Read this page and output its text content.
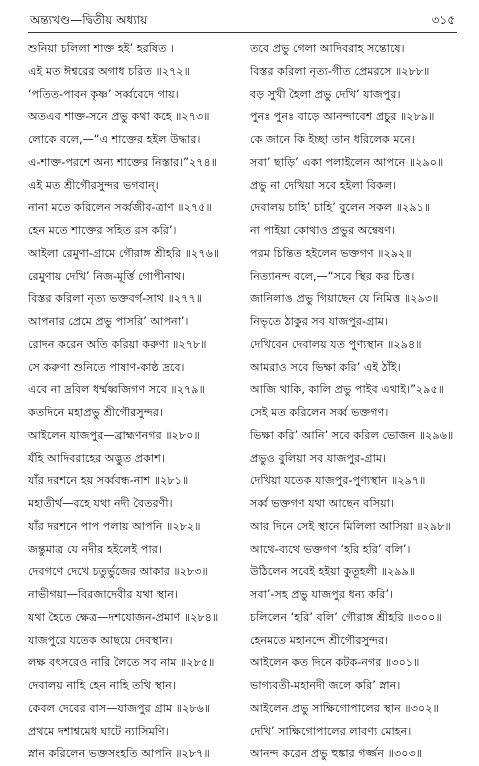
অন্ত্যখণ্ড—দ্বিতীয় অধ্যায়	৩১৫
শুনিয়া চলিলা শাক্ত হই’ হরষিত ।
এই মত ঈশ্বরের অগাধ চরিত ॥২৭২॥
‘পতিত-পাবন কৃষ্ণ’ সর্ব্ববেদে গায়।
অতএব শাক্ত-সনে প্রভু কথা কহে ॥২৭৩॥
লোকে বলে,—“এ শাক্তের হইল উদ্ধার।
এ-শাক্ত-পরশে অন্য শাক্তের নিস্তার।”২৭৪॥
এই মত শ্রীগৌরসুন্দর ভগবান্।
নানা মতে করিলেন সর্ব্বজীব-ত্রাণ ॥২৭৫॥
হেন মতে শাক্তের সহিত রস করি’।
আইলা রেমুণা-গ্রামে গৌরাঙ্গ শ্রীহরি ॥২৭৬॥
রেমুণায় দেখি’ নিজ-মূর্ত্তি গোপীনাথ।
বিস্তর করিলা নৃত্য ভক্তবর্গ-সাথ ॥২৭৭॥
আপনার প্রেমে প্রভু পাসরি’ আপনা’।
রোদন করেন অতি করিয়া করুণা ॥২৭৮॥
সে করুণা শুনিতে পাষাণ-কাষ্ঠ দ্রবে।
এবে না দ্রবিল ধর্ম্মধ্বজিগণ সবে ॥২৭৯॥
কতদিনে মহাপ্রভু শ্রীগৌরসুন্দর।
আইলেন যাজপুর—ব্রাহ্মণনগর ॥২৮০॥
যঁহি আদিবরাহের অদ্ভুত প্রকাশ।
যাঁর দরশনে হয় সর্ব্ববন্ধ-নাশ ॥২৮১॥
মহাতীর্থ—বহে যথা নদী বৈতরণী।
যাঁর দরশনে পাপ পলায় আপনি ॥২৮২॥
জন্তুমাত্র যে নদীর হইলেই পার।
দেবগণে দেখে চতুর্ভুজের আকার ॥২৮৩॥
নাভীগয়া—বিরজাদেবীর যথা স্থান।
যথা হৈতে ক্ষেত্র—দশযোজন-প্রমাণ ॥২৮৪॥
যাজপুরে যতেক আছয়ে দেবস্থান।
লক্ষ বৎসরেও নারি লৈতে সব নাম ॥২৮৫॥
দেবালয় নাহি হেন নাহি তথি স্থান।
কেবল দেবের বাস—যাজপুর গ্রাম ॥২৮৬॥
প্রথমে দশাশ্বমেধ ঘাটে ন্যাসিমণি।
স্নান করিলেন ভক্তসংহতি আপনি ॥২৮৭॥
তবে প্রভু গেলা আদিবরাহ সন্তোষে।
বিস্তর করিলা নৃত্য-গীত প্রেমরসে ॥২৮৮॥
বড় সুখী হৈলা প্রভু দেখি’ যাজপুর।
পুনঃ পুনঃ বাড়ে আনন্দাবেশ প্রচুর ॥২৮৯॥
কে জানে কি ইচ্ছা তান ধরিলেক মনে।
সবা’ ছাড়ি’ একা পলাইলেন আপনে ॥২৯০॥
প্রভু না দেখিয়া সবে হইলা বিকল।
দেবালয় চাহি’ চাহি’ বুলেন সকল ॥২৯১॥
না পাইয়া কোথাও প্রভুর অন্বেষণ।
পরম চিন্তিত হইলেন ভক্তগণ ॥২৯২॥
নিত্যানন্দ বলে,—“সবে স্থির কর চিত্ত।
জানিলাঙ প্রভু গিয়াছেন যে নিমিত্ত ॥২৯৩॥
নিভৃতে ঠাকুর সব যাজপুর-গ্রাম।
দেখিবেন দেবালয় যত পুণ্যস্থান ॥২৯৪॥
আমরাও সবে ভিক্ষা করি’ এই ঠাঁই।
আজি থাকি, কালি প্রভু পাইব এথাই।”২৯৫॥
সেই মত করিলেন সর্ব্ব ভক্তগণ।
ভিক্ষা করি’ আনি’ সবে করিল ভোজন ॥২৯৬॥
প্রভুও বুলিয়া সব যাজপুর-গ্রাম।
দেখিয়া যতেক যাজপুর-পুণ্যস্থান ॥২৯৭॥
সর্ব্ব ভক্তগণ যথা আছেন বসিয়া।
আর দিনে সেই স্থানে মিলিলা আসিয়া ॥২৯৮॥
আথে-ব্যথে ভক্তগণ ‘হরি হরি’ বলি’।
উঠিলেন সবেই হইয়া কুতূহলী ॥২৯৯॥
সবা’-সহ প্রভু যাজপুর ধন্য করি’।
চলিলেন ‘হরি’ বলি’ গৌরাঙ্গ শ্রীহরি ॥৩০০॥
হেনমতে মহানন্দে শ্রীগৌরসুন্দর।
আইলেন কত দিনে কটক-নগর ॥৩০১॥
ভাগ্যবতী-মহানদী জলে করি’ স্নান।
আইলেন প্রভু সাক্ষিগোপালের স্থান ॥৩০২॥
দেখি’ সাক্ষিগোপালের লাবণ্য মোহন।
আনন্দ করেন প্রভু হুঙ্কার গর্জ্জন ॥৩০৩॥
